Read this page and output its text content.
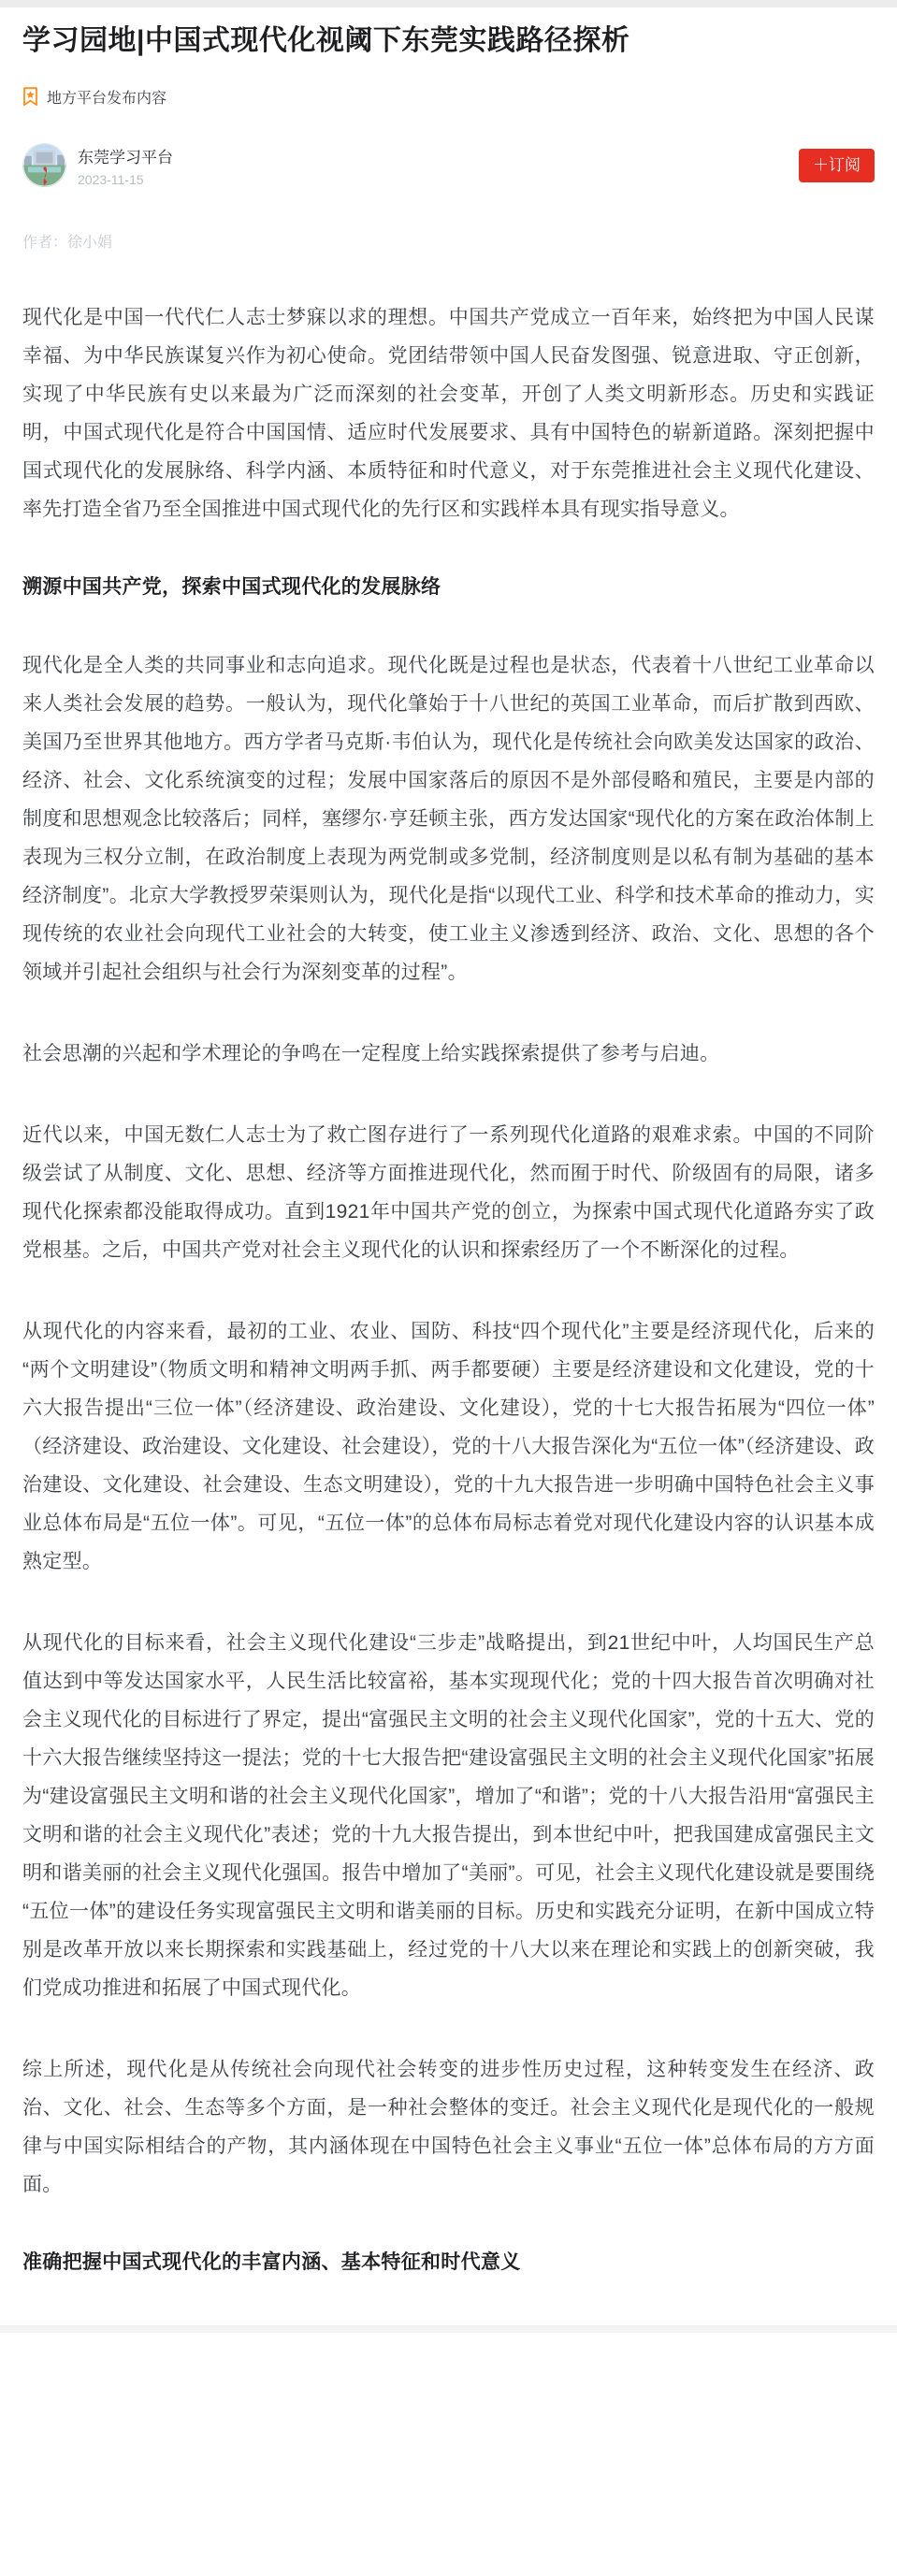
学习园地|中国式现代化视阈下东莞实践路径探析
地方平台发布内容
东莞学习平台
2023-11-15
＋订阅
作者：徐小娟

现代化是中国一代代仁人志士梦寐以求的理想。中国共产党成立一百年来，始终把为中国人民谋幸福、为中华民族谋复兴作为初心使命。党团结带领中国人民奋发图强、锐意进取、守正创新，实现了中华民族有史以来最为广泛而深刻的社会变革，开创了人类文明新形态。历史和实践证明，中国式现代化是符合中国国情、适应时代发展要求、具有中国特色的崭新道路。深刻把握中国式现代化的发展脉络、科学内涵、本质特征和时代意义，对于东莞推进社会主义现代化建设、率先打造全省乃至全国推进中国式现代化的先行区和实践样本具有现实指导意义。

溯源中国共产党，探索中国式现代化的发展脉络

现代化是全人类的共同事业和志向追求。现代化既是过程也是状态，代表着十八世纪工业革命以来人类社会发展的趋势。一般认为，现代化肇始于十八世纪的英国工业革命，而后扩散到西欧、美国乃至世界其他地方。西方学者马克斯·韦伯认为，现代化是传统社会向欧美发达国家的政治、经济、社会、文化系统演变的过程；发展中国家落后的原因不是外部侵略和殖民，主要是内部的制度和思想观念比较落后；同样，塞缪尔·亨廷顿主张，西方发达国家“现代化的方案在政治体制上表现为三权分立制，在政治制度上表现为两党制或多党制，经济制度则是以私有制为基础的基本经济制度”。北京大学教授罗荣渠则认为，现代化是指“以现代工业、科学和技术革命的推动力，实现传统的农业社会向现代工业社会的大转变，使工业主义渗透到经济、政治、文化、思想的各个领域并引起社会组织与社会行为深刻变革的过程”。

社会思潮的兴起和学术理论的争鸣在一定程度上给实践探索提供了参考与启迪。

近代以来，中国无数仁人志士为了救亡图存进行了一系列现代化道路的艰难求索。中国的不同阶级尝试了从制度、文化、思想、经济等方面推进现代化，然而囿于时代、阶级固有的局限，诸多现代化探索都没能取得成功。直到1921年中国共产党的创立，为探索中国式现代化道路夯实了政党根基。之后，中国共产党对社会主义现代化的认识和探索经历了一个不断深化的过程。

从现代化的内容来看，最初的工业、农业、国防、科技“四个现代化”主要是经济现代化，后来的“两个文明建设”（物质文明和精神文明两手抓、两手都要硬）主要是经济建设和文化建设，党的十六大报告提出“三位一体”（经济建设、政治建设、文化建设），党的十七大报告拓展为“四位一体”（经济建设、政治建设、文化建设、社会建设），党的十八大报告深化为“五位一体”（经济建设、政治建设、文化建设、社会建设、生态文明建设），党的十九大报告进一步明确中国特色社会主义事业总体布局是“五位一体”。可见，“五位一体”的总体布局标志着党对现代化建设内容的认识基本成熟定型。

从现代化的目标来看，社会主义现代化建设“三步走”战略提出，到21世纪中叶，人均国民生产总值达到中等发达国家水平，人民生活比较富裕，基本实现现代化；党的十四大报告首次明确对社会主义现代化的目标进行了界定，提出“富强民主文明的社会主义现代化国家”，党的十五大、党的十六大报告继续坚持这一提法；党的十七大报告把“建设富强民主文明的社会主义现代化国家”拓展为“建设富强民主文明和谐的社会主义现代化国家”，增加了“和谐”；党的十八大报告沿用“富强民主文明和谐的社会主义现代化”表述；党的十九大报告提出，到本世纪中叶，把我国建成富强民主文明和谐美丽的社会主义现代化强国。报告中增加了“美丽”。可见，社会主义现代化建设就是要围绕“五位一体”的建设任务实现富强民主文明和谐美丽的目标。历史和实践充分证明，在新中国成立特别是改革开放以来长期探索和实践基础上，经过党的十八大以来在理论和实践上的创新突破，我们党成功推进和拓展了中国式现代化。

综上所述，现代化是从传统社会向现代社会转变的进步性历史过程，这种转变发生在经济、政治、文化、社会、生态等多个方面，是一种社会整体的变迁。社会主义现代化是现代化的一般规律与中国实际相结合的产物，其内涵体现在中国特色社会主义事业“五位一体”总体布局的方方面面。

准确把握中国式现代化的丰富内涵、基本特征和时代意义
